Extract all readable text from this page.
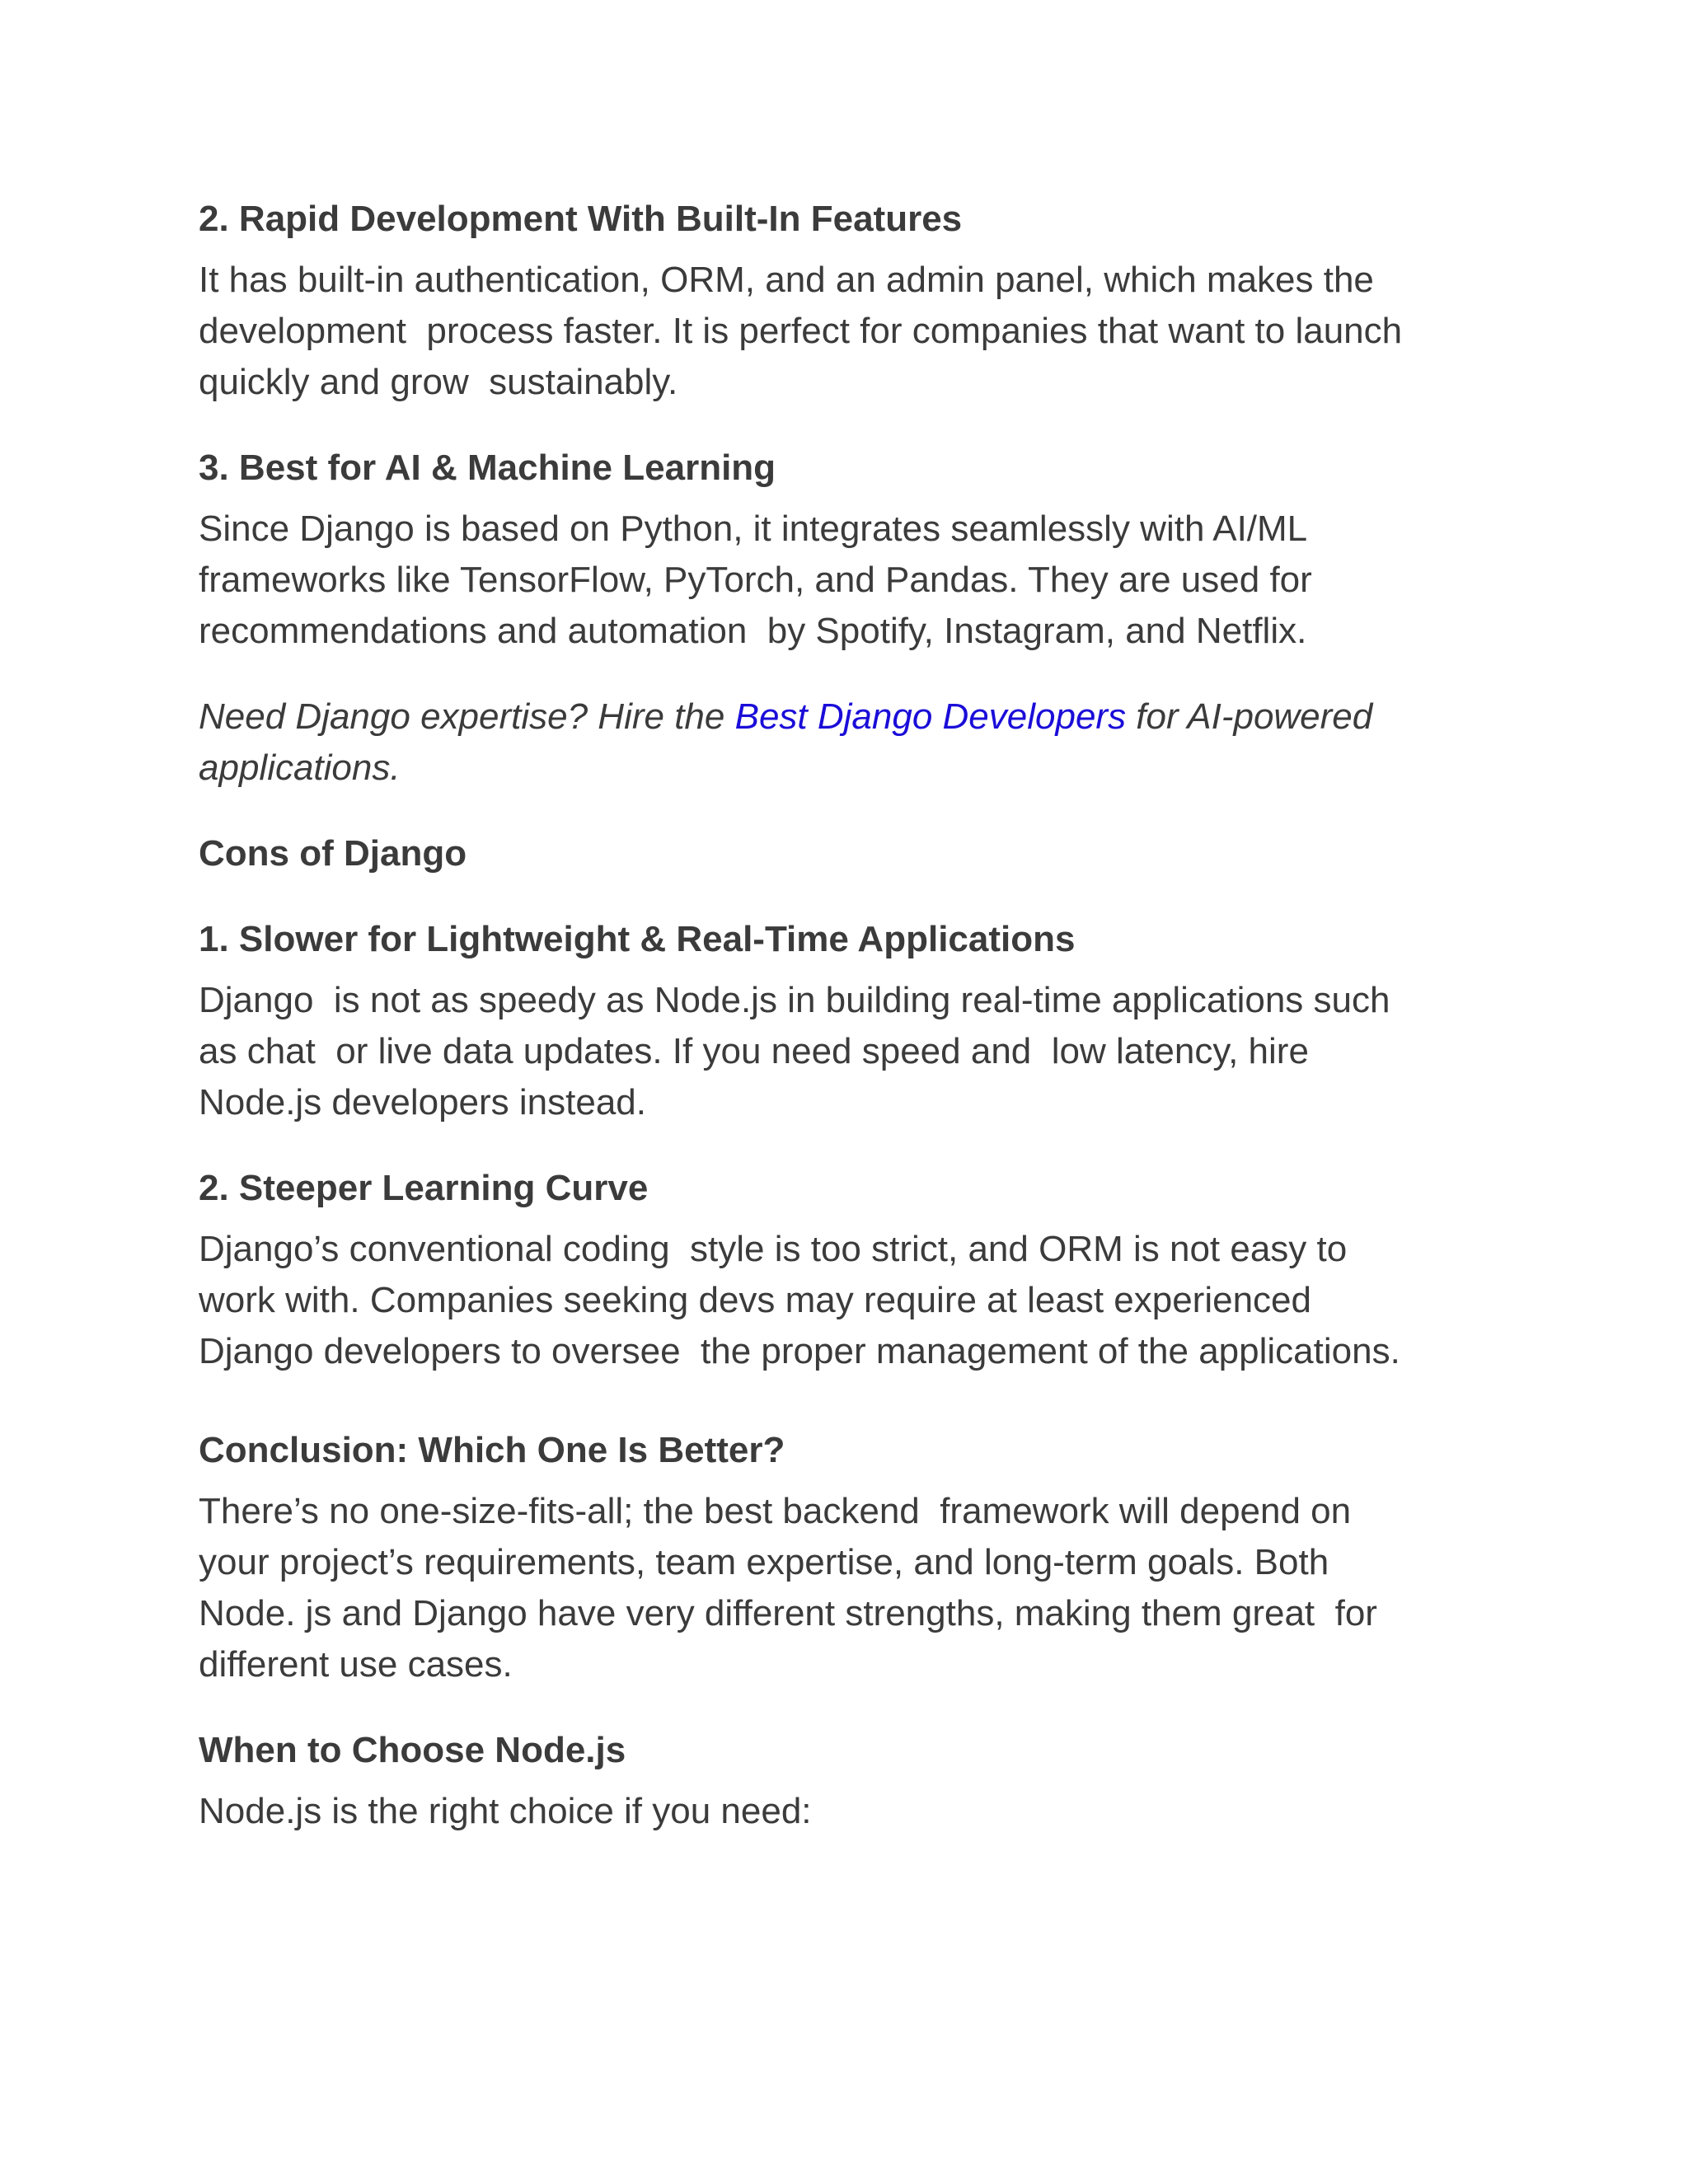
2. Rapid Development With Built-In Features

It has built-in authentication, ORM, and an admin panel, which makes the

development  process faster. It is perfect for companies that want to launch

quickly and grow  sustainably.

3. Best for AI & Machine Learning

Since Django is based on Python, it integrates seamlessly with AI/ML

frameworks like TensorFlow, PyTorch, and Pandas. They are used for

recommendations and automation  by Spotify, Instagram, and Netflix.

Need Django expertise? Hire the Best Django Developers for AI-powered

applications.

Cons of Django

1. Slower for Lightweight & Real-Time Applications

Django  is not as speedy as Node.js in building real-time applications such

as chat  or live data updates. If you need speed and  low latency, hire

Node.js developers instead.

2. Steeper Learning Curve

Django’s conventional coding  style is too strict, and ORM is not easy to

work with. Companies seeking devs may require at least experienced

Django developers to oversee  the proper management of the applications.

Conclusion: Which One Is Better?

There’s no one-size-fits-all; the best backend  framework will depend on

your project’s requirements, team expertise, and long-term goals. Both

Node. js and Django have very different strengths, making them great  for

different use cases.

When to Choose Node.js

Node.js is the right choice if you need:
